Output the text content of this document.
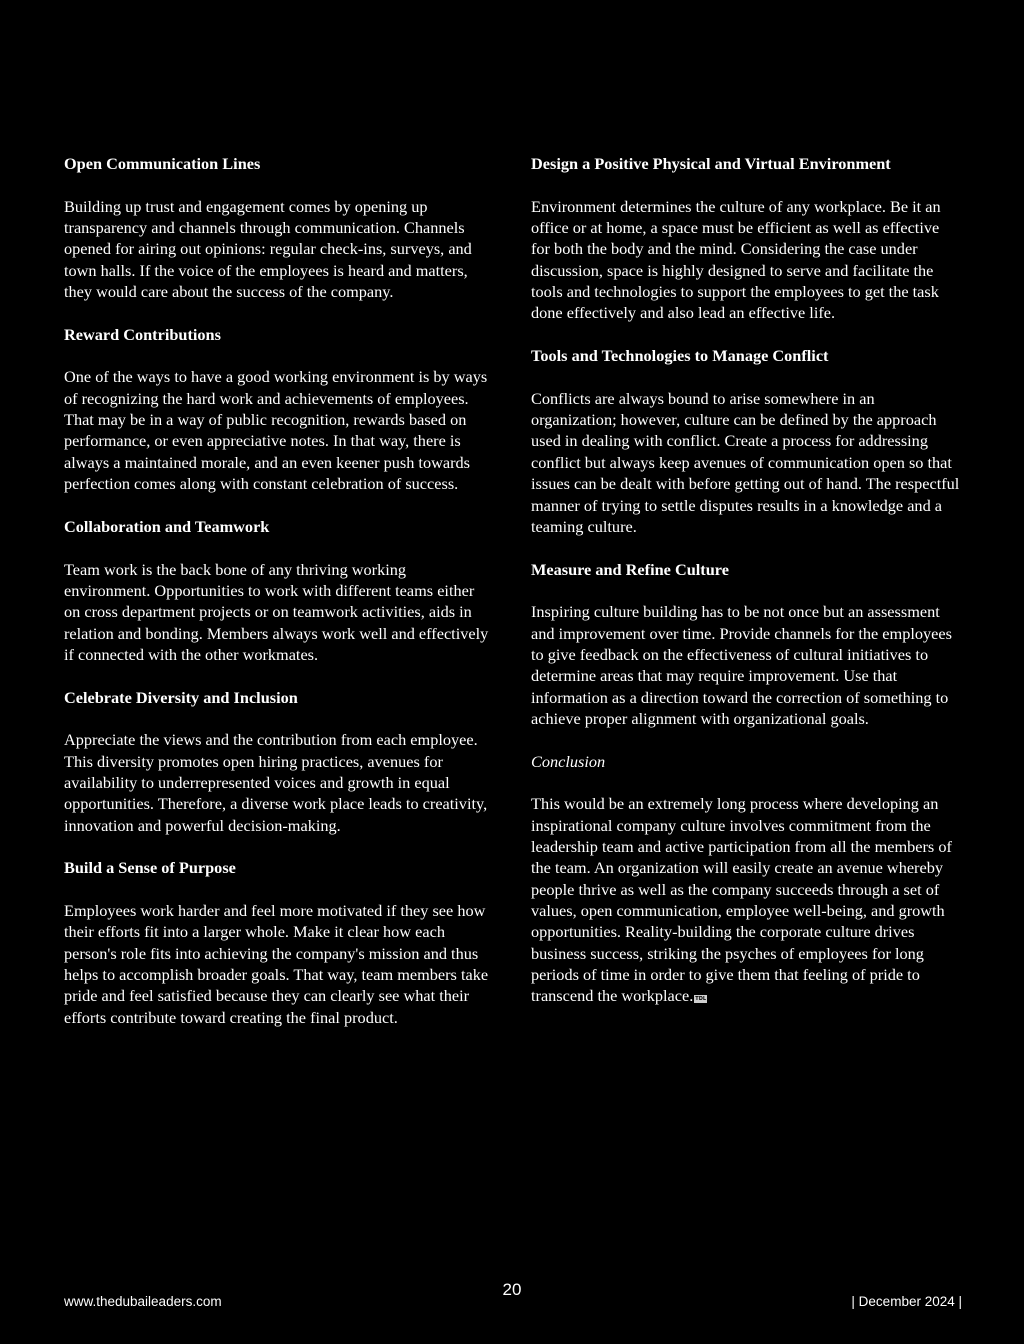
Open Communication Lines

Building up trust and engagement comes by opening up transparency and channels through communication. Channels opened for airing out opinions: regular check-ins, surveys, and town halls. If the voice of the employees is heard and matters, they would care about the success of the company.

Reward Contributions

One of the ways to have a good working environment is by ways of recognizing the hard work and achievements of employees. That may be in a way of public recognition, rewards based on performance, or even appreciative notes. In that way, there is always a maintained morale, and an even keener push towards perfection comes along with constant celebration of success.

Collaboration and Teamwork

Team work is the back bone of any thriving working environment. Opportunities to work with different teams either on cross department projects or on teamwork activities, aids in relation and bonding. Members always work well and effectively if connected with the other workmates.

Celebrate Diversity and Inclusion

Appreciate the views and the contribution from each employee. This diversity promotes open hiring practices, avenues for availability to underrepresented voices and growth in equal opportunities. Therefore, a diverse work place leads to creativity, innovation and powerful decision-making.

Build a Sense of Purpose

Employees work harder and feel more motivated if they see how their efforts fit into a larger whole. Make it clear how each person's role fits into achieving the company's mission and thus helps to accomplish broader goals. That way, team members take pride and feel satisfied because they can clearly see what their efforts contribute toward creating the final product.

Design a Positive Physical and Virtual Environment

Environment determines the culture of any workplace. Be it an office or at home, a space must be efficient as well as effective for both the body and the mind. Considering the case under discussion, space is highly designed to serve and facilitate the tools and technologies to support the employees to get the task done effectively and also lead an effective life.

Tools and Technologies to Manage Conflict

Conflicts are always bound to arise somewhere in an organization; however, culture can be defined by the approach used in dealing with conflict. Create a process for addressing conflict but always keep avenues of communication open so that issues can be dealt with before getting out of hand. The respectful manner of trying to settle disputes results in a knowledge and a teaming culture.

Measure and Refine Culture

Inspiring culture building has to be not once but an assessment and improvement over time. Provide channels for the employees to give feedback on the effectiveness of cultural initiatives to determine areas that may require improvement. Use that information as a direction toward the correction of something to achieve proper alignment with organizational goals.

Conclusion

This would be an extremely long process where developing an inspirational company culture involves commitment from the leadership team and active participation from all the members of the team. An organization will easily create an avenue whereby people thrive as well as the company succeeds through a set of values, open communication, employee well-being, and growth opportunities. Reality-building the corporate culture drives business success, striking the psyches of employees for long periods of time in order to give them that feeling of pride to transcend the workplace. TDL

20
www.thedubaileaders.com	| December 2024 |
